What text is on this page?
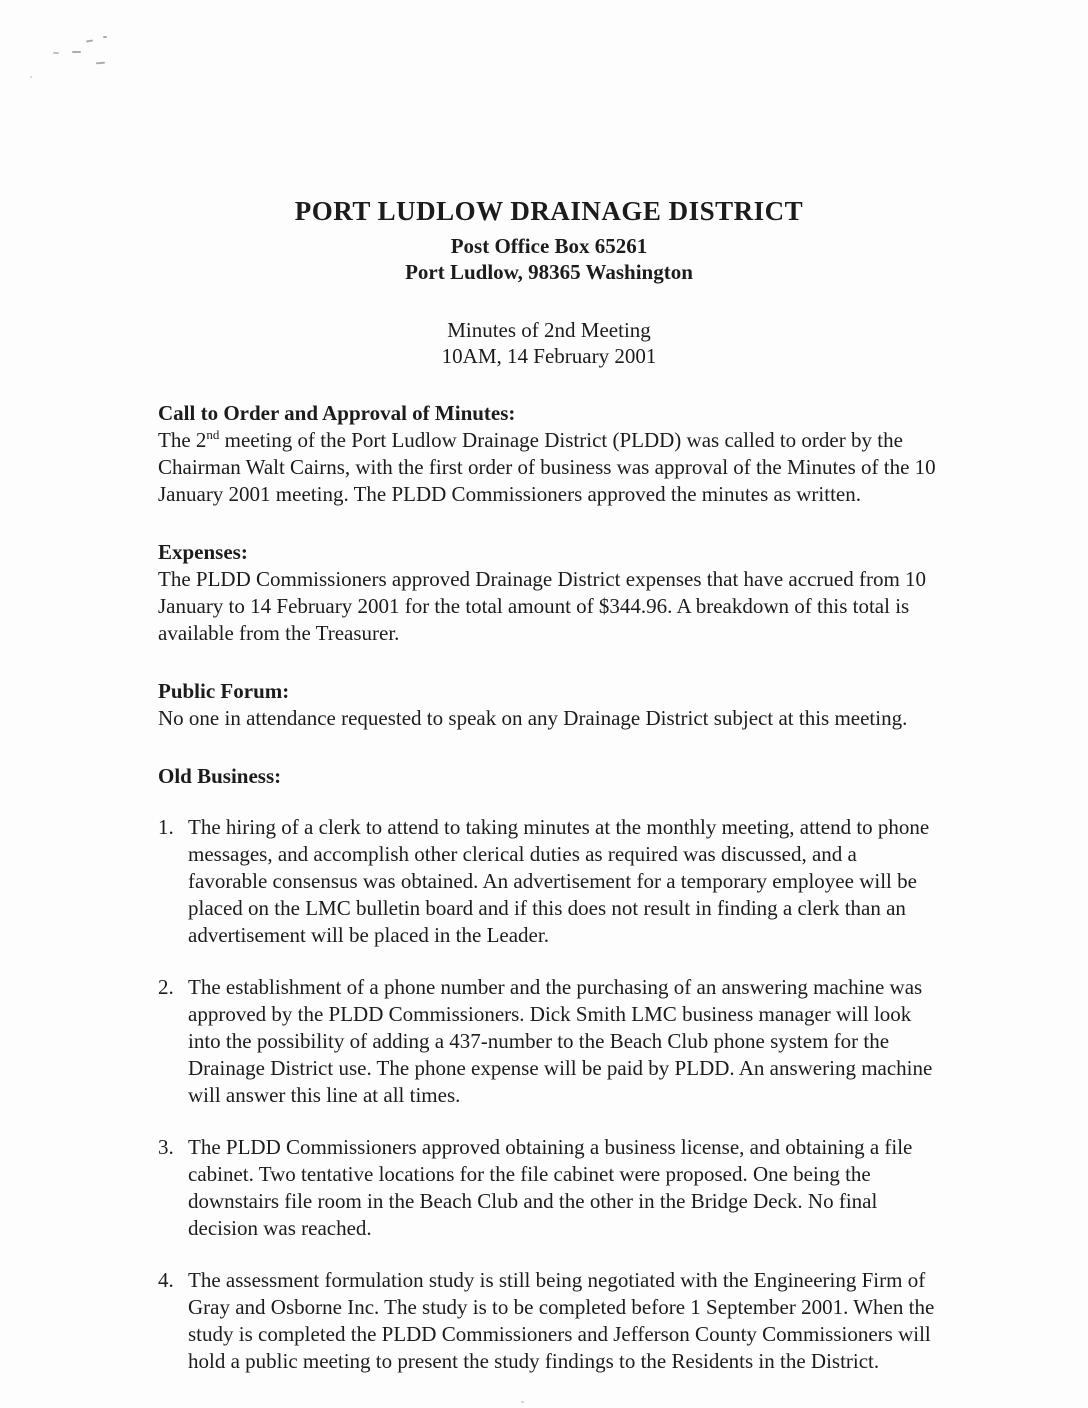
PORT LUDLOW DRAINAGE DISTRICT

Post Office Box 65261

Port Ludlow, 98365 Washington

Minutes of 2nd Meeting

10AM, 14 February 2001

Call to Order and Approval of Minutes:

The 2nd meeting of the Port Ludlow Drainage District (PLDD) was called to order by the Chairman Walt Cairns, with the first order of business was approval of the Minutes of the 10 January 2001 meeting. The PLDD Commissioners approved the minutes as written.

Expenses:

The PLDD Commissioners approved Drainage District expenses that have accrued from 10 January to 14 February 2001 for the total amount of $344.96. A breakdown of this total is available from the Treasurer.

Public Forum:

No one in attendance requested to speak on any Drainage District subject at this meeting.

Old Business:

1. The hiring of a clerk to attend to taking minutes at the monthly meeting, attend to phone messages, and accomplish other clerical duties as required was discussed, and a favorable consensus was obtained. An advertisement for a temporary employee will be placed on the LMC bulletin board and if this does not result in finding a clerk than an advertisement will be placed in the Leader.
2. The establishment of a phone number and the purchasing of an answering machine was approved by the PLDD Commissioners. Dick Smith LMC business manager will look into the possibility of adding a 437-number to the Beach Club phone system for the Drainage District use. The phone expense will be paid by PLDD. An answering machine will answer this line at all times.
3. The PLDD Commissioners approved obtaining a business license, and obtaining a file cabinet. Two tentative locations for the file cabinet were proposed. One being the downstairs file room in the Beach Club and the other in the Bridge Deck. No final decision was reached.
4. The assessment formulation study is still being negotiated with the Engineering Firm of Gray and Osborne Inc. The study is to be completed before 1 September 2001. When the study is completed the PLDD Commissioners and Jefferson County Commissioners will hold a public meeting to present the study findings to the Residents in the District.
